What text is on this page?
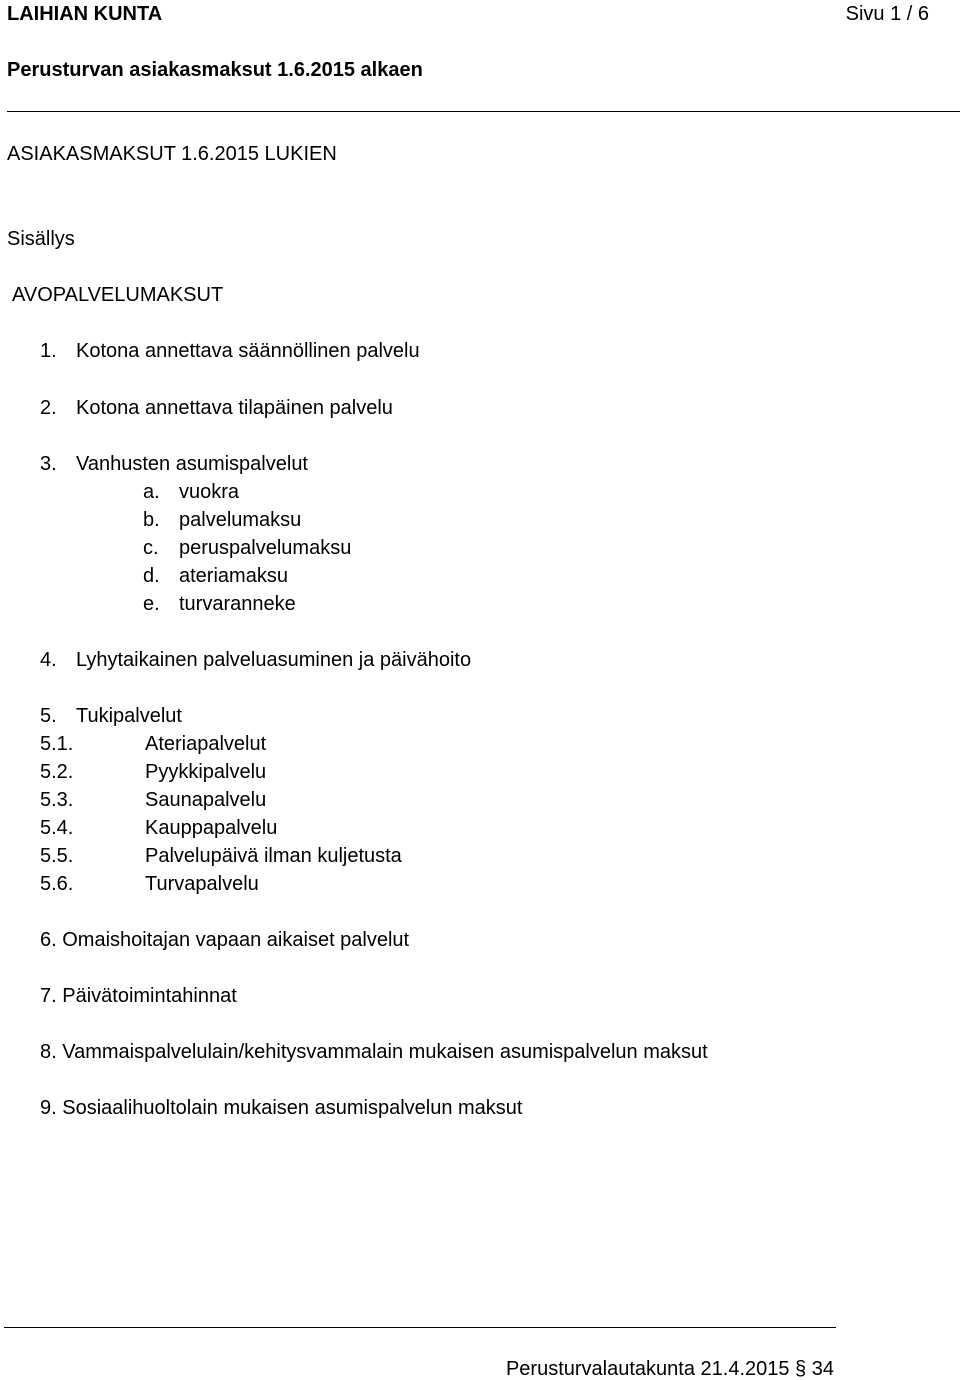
LAIHIAN KUNTA	Sivu 1 / 6
Perusturvan asiakasmaksut 1.6.2015 alkaen
ASIAKASMAKSUT 1.6.2015 LUKIEN
Sisällys
AVOPALVELUMAKSUT
1. Kotona annettava säännöllinen palvelu
2. Kotona annettava tilapäinen palvelu
3. Vanhusten asumispalvelut
a. vuokra
b. palvelumaksu
c. peruspalvelumaksu
d. ateriamaksu
e. turvaranneke
4. Lyhytaikainen palveluasuminen ja päivähoito
5. Tukipalvelut
5.1.	Ateriapalvelut
5.2.	Pyykkipalvelu
5.3.	Saunapalvelu
5.4.	Kauppapalvelu
5.5.	Palvelupäivä ilman kuljetusta
5.6.	Turvapalvelu
6. Omaishoitajan vapaan aikaiset palvelut
7. Päivätoimintahinnat
8. Vammaispalvelulain/kehitysvammalain mukaisen asumispalvelun maksut
9. Sosiaalihuoltolain mukaisen asumispalvelun maksut
Perusturvalautakunta 21.4.2015 § 34
